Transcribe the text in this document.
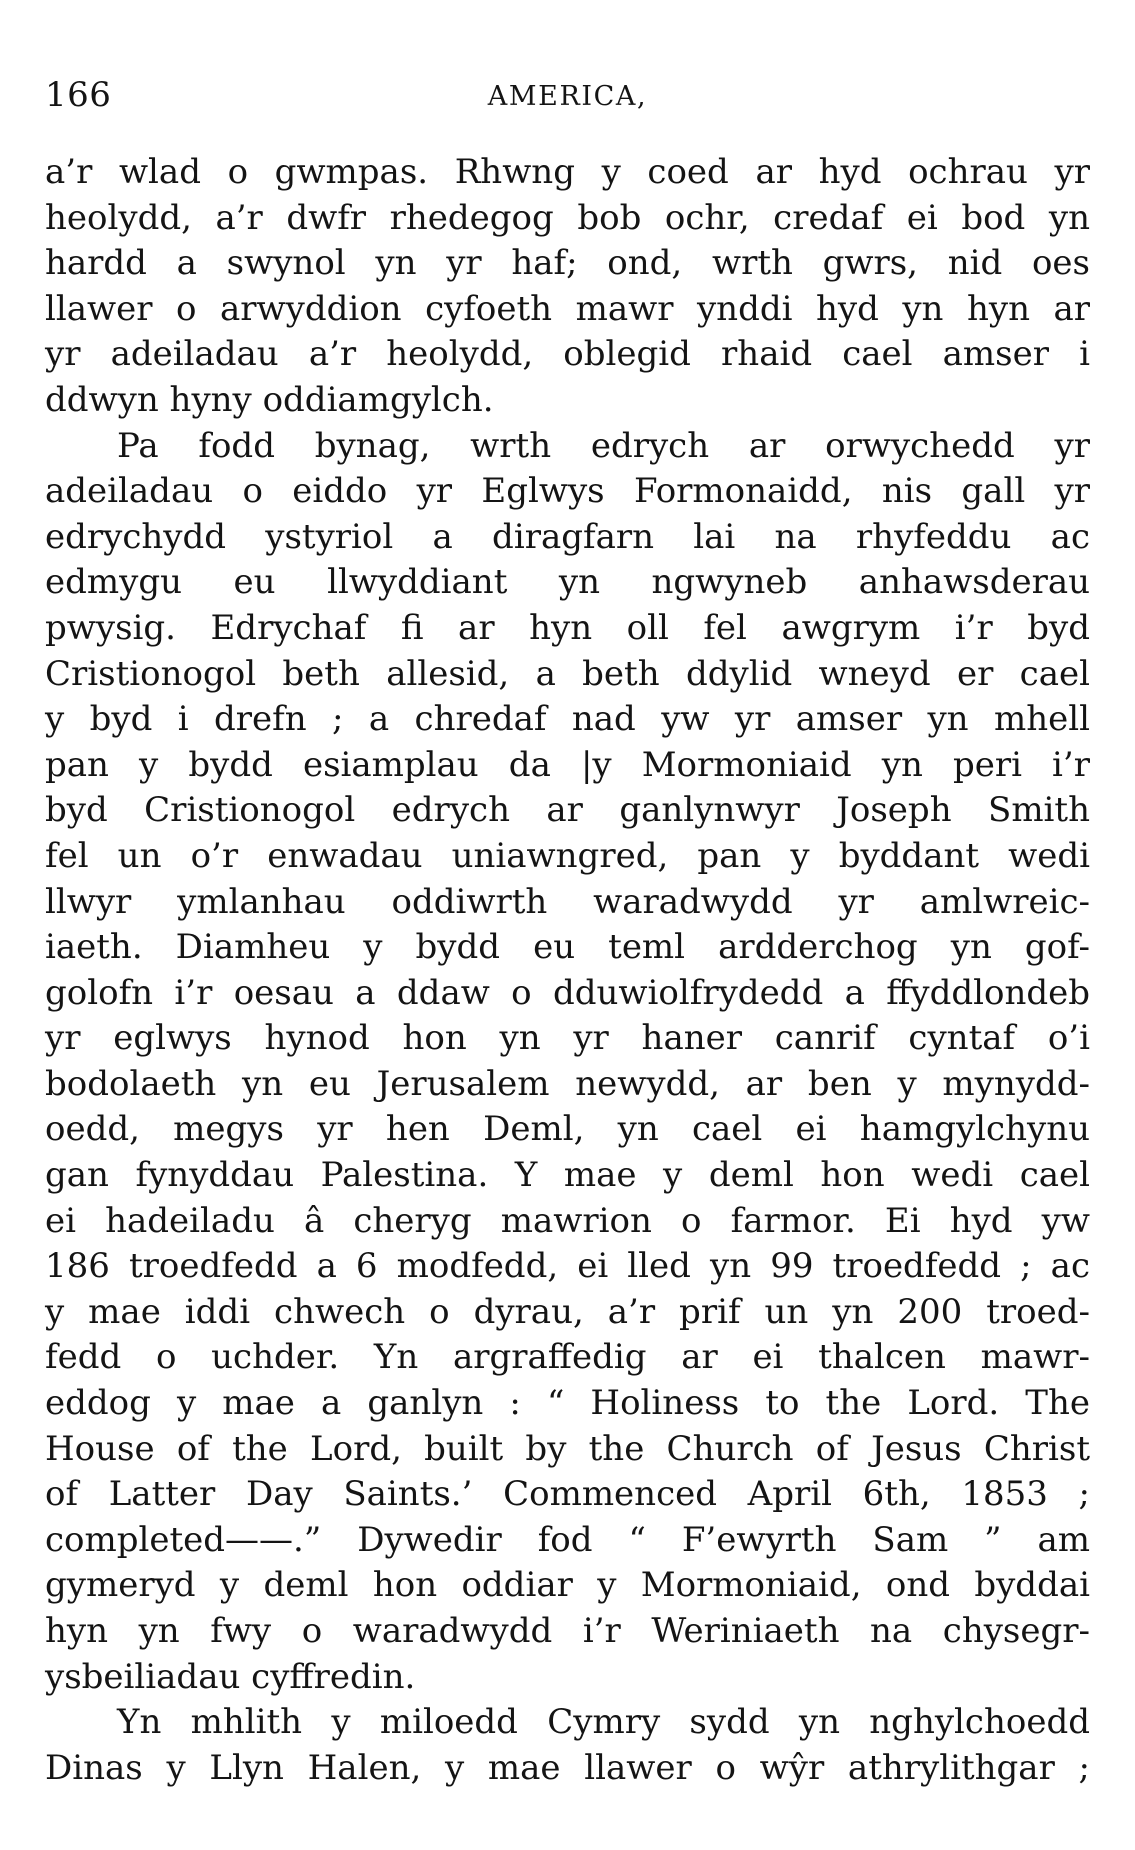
166	AMERICA,
a’r wlad o gwmpas. Rhwng y coed ar hyd ochrau yr
heolydd, a’r dwfr rhedegog bob ochr, credaf ei bod yn
hardd a swynol yn yr haf; ond, wrth gwrs, nid oes
llawer o arwyddion cyfoeth mawr ynddi hyd yn hyn ar
yr adeiladau a’r heolydd, oblegid rhaid cael amser i
ddwyn hyny oddiamgylch.
Pa fodd bynag, wrth edrych ar orwychedd yr
adeiladau o eiddo yr Eglwys Formonaidd, nis gall yr
edrychydd ystyriol a diragfarn lai na rhyfeddu ac
edmygu eu llwyddiant yn ngwyneb anhawsderau
pwysig. Edrychaf fi ar hyn oll fel awgrym i’r byd
Cristionogol beth allesid, a beth ddylid wneyd er cael
y byd i drefn ; a chredaf nad yw yr amser yn mhell
pan y bydd esiamplau da |y Mormoniaid yn peri i’r
byd Cristionogol edrych ar ganlynwyr Joseph Smith
fel un o’r enwadau uniawngred, pan y byddant wedi
llwyr ymlanhau oddiwrth waradwydd yr amlwreic-
iaeth. Diamheu y bydd eu teml ardderchog yn gof-
golofn i’r oesau a ddaw o dduwiolfrydedd a ffyddlondeb
yr eglwys hynod hon yn yr haner canrif cyntaf o’i
bodolaeth yn eu Jerusalem newydd, ar ben y mynydd-
oedd, megys yr hen Deml, yn cael ei hamgylchynu
gan fynyddau Palestina. Y mae y deml hon wedi cael
ei hadeiladu â cheryg mawrion o farmor. Ei hyd yw
186 troedfedd a 6 modfedd, ei lled yn 99 troedfedd ; ac
y mae iddi chwech o dyrau, a’r prif un yn 200 troed-
fedd o uchder. Yn argraffedig ar ei thalcen mawr-
eddog y mae a ganlyn : “ Holiness to the Lord. The
House of the Lord, built by the Church of Jesus Christ
of Latter Day Saints.’ Commenced April 6th, 1853 ;
completed——.” Dywedir fod “ F’ewyrth Sam ” am
gymeryd y deml hon oddiar y Mormoniaid, ond byddai
hyn yn fwy o waradwydd i’r Weriniaeth na chysegr-
ysbeiliadau cyffredin.
Yn mhlith y miloedd Cymry sydd yn nghylchoedd
Dinas y Llyn Halen, y mae llawer o wŷr athrylithgar ;
